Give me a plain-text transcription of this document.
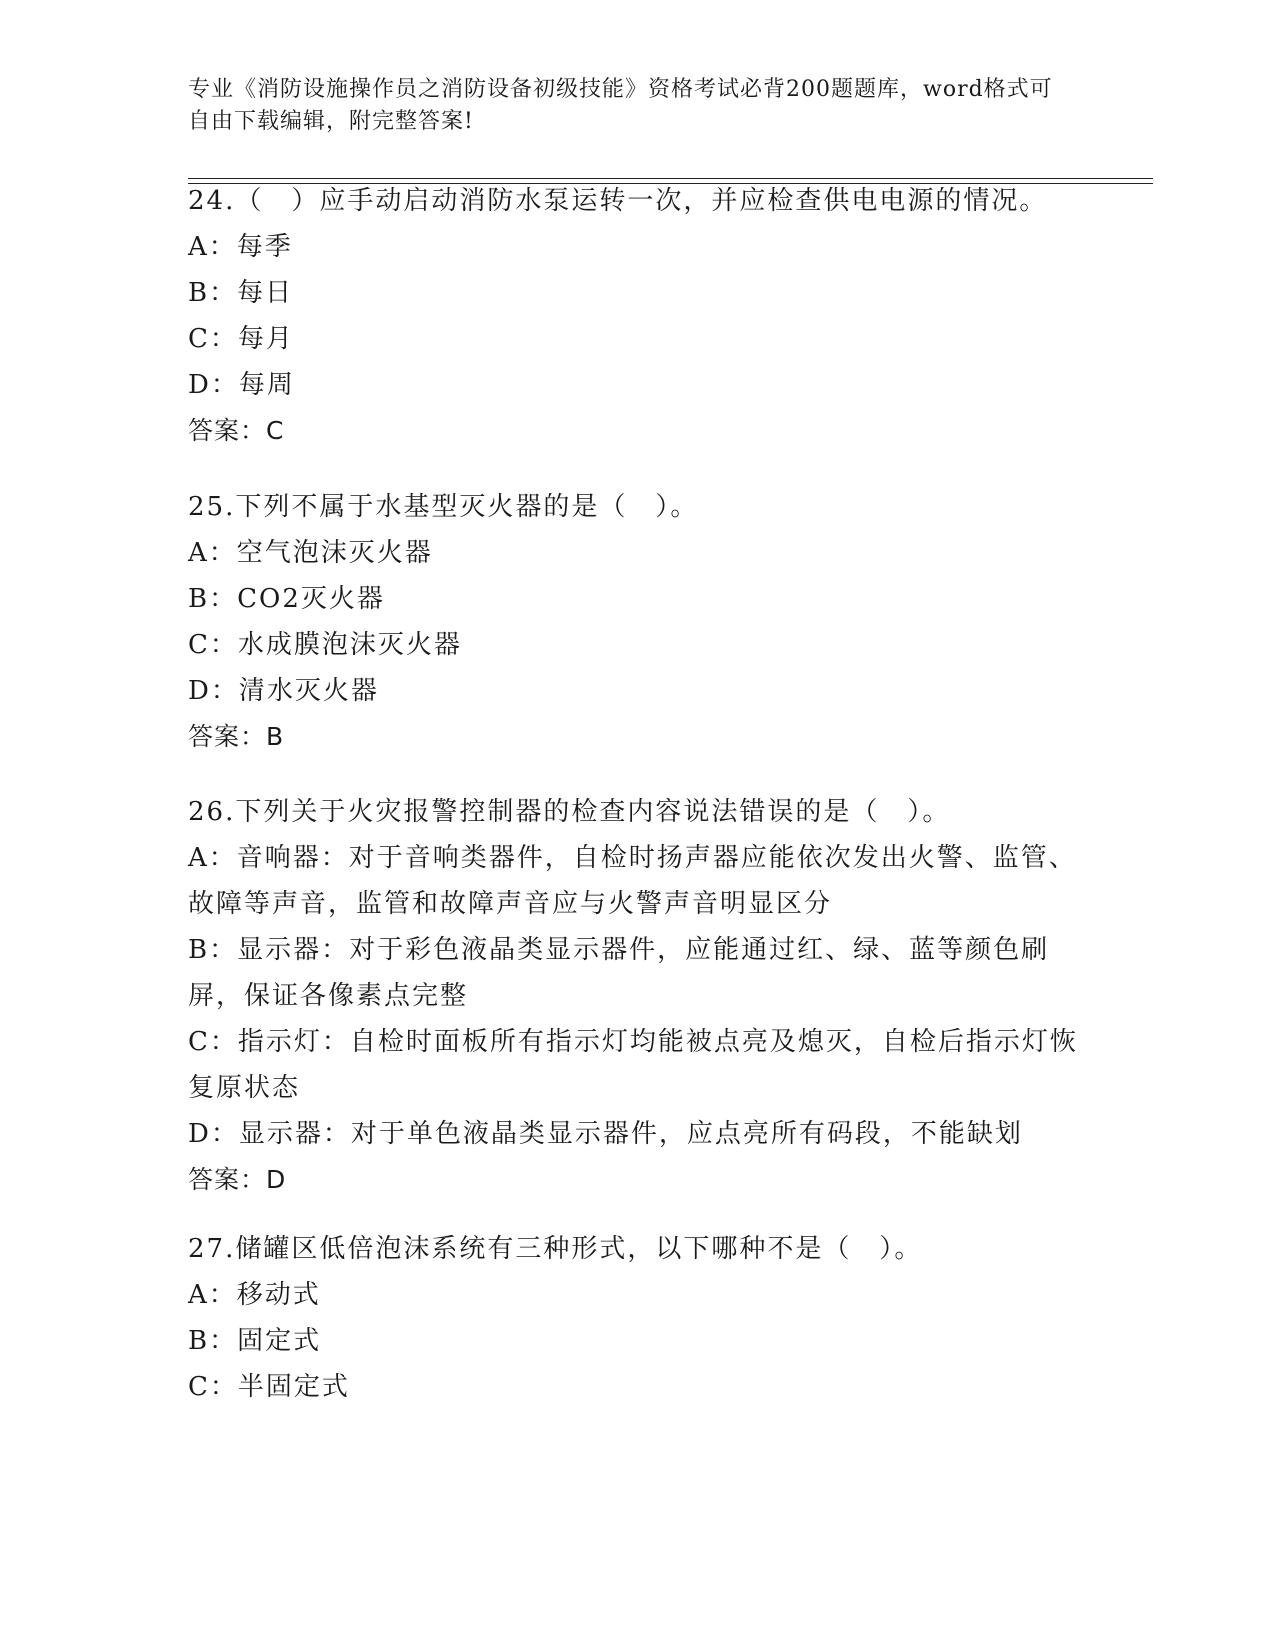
专业《消防设施操作员之消防设备初级技能》资格考试必背200题题库，word格式可自由下载编辑，附完整答案!
24.（　）应手动启动消防水泵运转一次，并应检查供电电源的情况。
A：每季
B：每日
C：每月
D：每周
答案：C
25.下列不属于水基型灭火器的是（　）。
A：空气泡沫灭火器
B：CO2灭火器
C：水成膜泡沫灭火器
D：清水灭火器
答案：B
26.下列关于火灾报警控制器的检查内容说法错误的是（　）。
A：音响器：对于音响类器件，自检时扬声器应能依次发出火警、监管、故障等声音，监管和故障声音应与火警声音明显区分
B：显示器：对于彩色液晶类显示器件，应能通过红、绿、蓝等颜色刷屏，保证各像素点完整
C：指示灯：自检时面板所有指示灯均能被点亮及熄灭，自检后指示灯恢复原状态
D：显示器：对于单色液晶类显示器件，应点亮所有码段，不能缺划
答案：D
27.储罐区低倍泡沫系统有三种形式，以下哪种不是（　）。
A：移动式
B：固定式
C：半固定式
